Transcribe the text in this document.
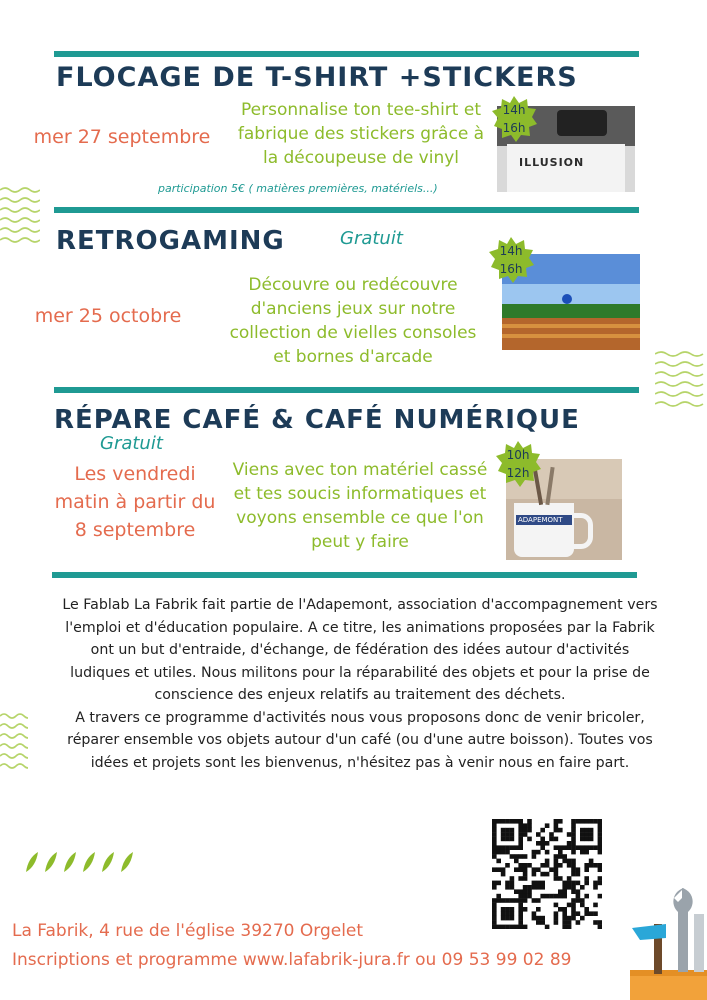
FLOCAGE DE T-SHIRT +STICKERS
mer 27 septembre
Personnalise ton tee-shirt et fabrique des stickers grâce à la découpeuse de vinyl
participation 5€ ( matières premières, matériels...)
ILLUSION
14h
16h
RETROGAMING	Gratuit
mer 25 octobre
Découvre ou redécouvre d'anciens jeux sur notre collection de vielles consoles et bornes d'arcade
14h
16h
RÉPARE CAFÉ & CAFÉ NUMÉRIQUE
Gratuit
Les vendredi
matin à partir du
8 septembre
Viens avec ton matériel cassé et tes soucis informatiques et voyons ensemble ce que l'on peut y faire
ADAPEMONT
10h
12h

Le Fablab La Fabrik fait partie de l'Adapemont, association d'accompagnement vers l'emploi et d'éducation populaire. A ce titre, les animations proposées par la Fabrik ont un but d'entraide, d'échange, de fédération des idées autour d'activités ludiques et utiles. Nous militons pour la réparabilité des objets et pour la prise de conscience des enjeux relatifs au traitement des déchets.

A travers ce programme d'activités nous vous proposons donc de venir bricoler, réparer ensemble vos objets autour d'un café (ou d'une autre boisson). Toutes vos idées et projets sont les bienvenus, n'hésitez pas à venir nous en faire part.

La Fabrik, 4 rue de l'église 39270 Orgelet
Inscriptions et programme www.lafabrik-jura.fr ou 09 53 99 02 89
